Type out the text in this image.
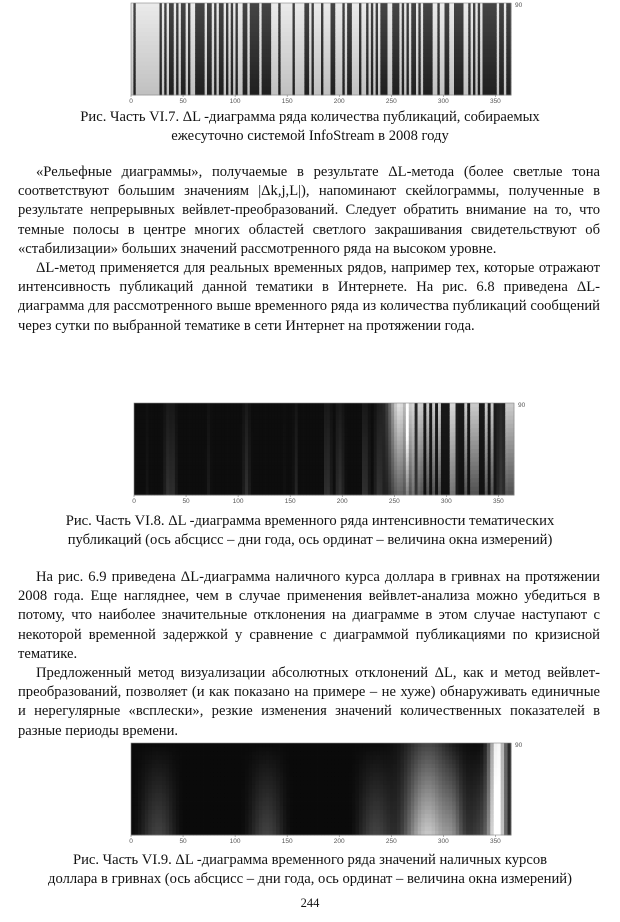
0	50	100	150	200	250	300	350
90
Рис. Часть VI.7. ΔL -диаграмма ряда количества публикаций, собираемых
ежесуточно системой InfoStream в 2008 году

«Рельефные диаграммы», получаемые в результате ΔL-метода (более светлые тона соответствуют большим значениям |Δk,j,L|), напоминают скейлограммы, полученные в результате непрерывных вейвлет-преобразований. Следует обратить внимание на то, что темные полосы в центре многих областей светлого закрашивания свидетельствуют об «стабилизации» больших значений рассмотренного ряда на высоком уровне.

ΔL-метод применяется для реальных временных рядов, например тех, которые отражают интенсивность публикаций данной тематики в Интернете. На рис. 6.8 приведена ΔL-диаграмма для рассмотренного выше временного ряда из количества публикаций сообщений через сутки по выбранной тематике в сети Интернет на протяжении года.

0	50	100	150	200	250	300	350
90
Рис. Часть VI.8. ΔL -диаграмма временного ряда интенсивности тематических
публикаций (ось абсцисс – дни года, ось ординат – величина окна измерений)

На рис. 6.9 приведена ΔL-диаграмма наличного курса доллара в гривнах на протяжении 2008 года. Еще нагляднее, чем в случае применения вейвлет-анализа можно убедиться в потому, что наиболее значительные отклонения на диаграмме в этом случае наступают с некоторой временной задержкой у сравнение с диаграммой публикациями по кризисной тематике.

Предложенный метод визуализации абсолютных отклонений ΔL, как и метод вейвлет-преобразований, позволяет (и как показано на примере – не хуже) обнаруживать единичные и нерегулярные «всплески», резкие изменения значений количественных показателей в разные периоды времени.

0	50	100	150	200	250	300	350
90
Рис. Часть VI.9. ΔL -диаграмма временного ряда значений наличных курсов
доллара в гривнах (ось абсцисс – дни года, ось ординат – величина окна измерений)
244
